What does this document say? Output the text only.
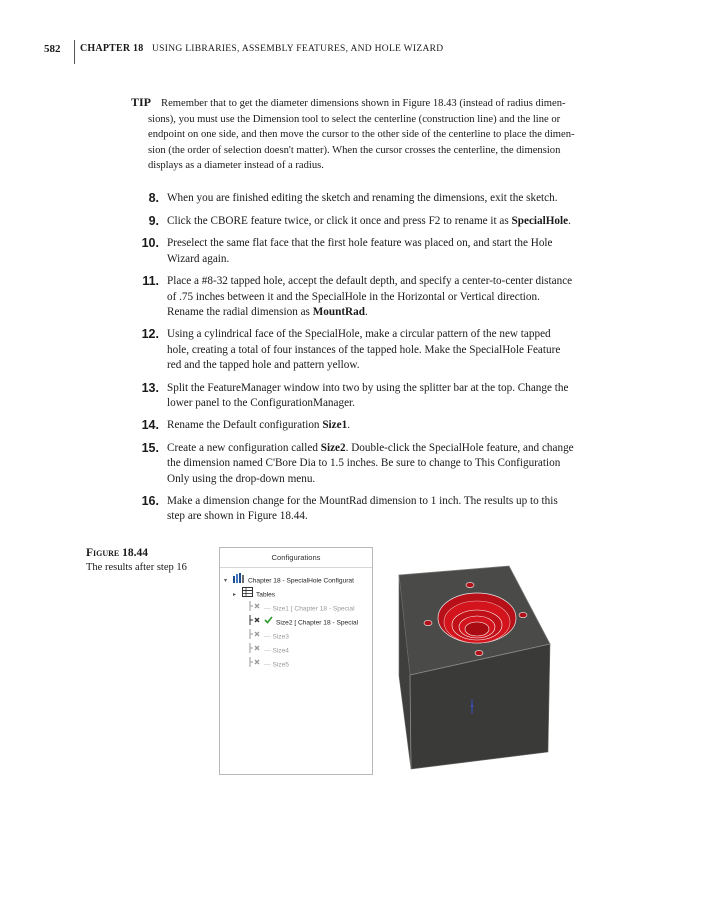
582 CHAPTER 18 USING LIBRARIES, ASSEMBLY FEATURES, AND HOLE WIZARD
TIP Remember that to get the diameter dimensions shown in Figure 18.43 (instead of radius dimen-
sions), you must use the Dimension tool to select the centerline (construction line) and the line or
endpoint on one side, and then move the cursor to the other side of the centerline to place the dimen-
sion (the order of selection doesn't matter). When the cursor crosses the centerline, the dimension
displays as a diameter instead of a radius.
8. When you are finished editing the sketch and renaming the dimensions, exit the sketch.
9. Click the CBORE feature twice, or click it once and press F2 to rename it as SpecialHole.
10. Preselect the same flat face that the first hole feature was placed on, and start the Hole
Wizard again.
11. Place a #8-32 tapped hole, accept the default depth, and specify a center-to-center distance
of .75 inches between it and the SpecialHole in the Horizontal or Vertical direction.
Rename the radial dimension as MountRad.
12. Using a cylindrical face of the SpecialHole, make a circular pattern of the new tapped
hole, creating a total of four instances of the tapped hole. Make the SpecialHole Feature
red and the tapped hole and pattern yellow.
13. Split the FeatureManager window into two by using the splitter bar at the top. Change the
lower panel to the ConfigurationManager.
14. Rename the Default configuration Size1.
15. Create a new configuration called Size2. Double-click the SpecialHole feature, and change
the dimension named C'Bore Dia to 1.5 inches. Be sure to change to This Configuration
Only using the drop-down menu.
16. Make a dimension change for the MountRad dimension to 1 inch. The results up to this
step are shown in Figure 18.44.
Figure 18.44
The results after step 16
Configurations
▾	Chapter 18 - SpecialHole Configurat
▸	Tables
— Size1 [ Chapter 18 - Special
Size2 [ Chapter 18 - Special
— Size3
— Size4
— Size5
